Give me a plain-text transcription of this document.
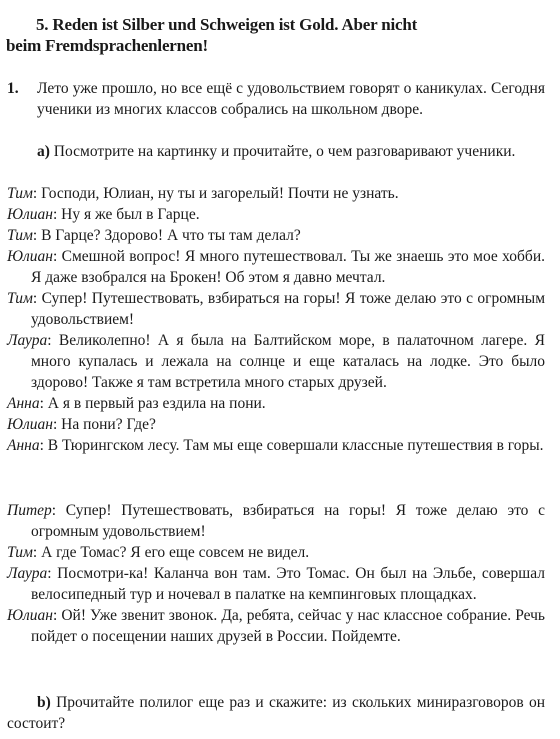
5. Reden ist Silber und Schweigen ist Gold. Aber nicht
beim Fremdsprachenlernen!
1. Лето уже прошло, но все ещё с удовольствием говорят о каникулах. Сегодня ученики из многих классов собрались на школьном дворе.
a) Посмотрите на картинку и прочитайте, о чем разговаривают ученики.

Тим: Господи, Юлиан, ну ты и загорелый! Почти не узнать.

Юлиан: Ну я же был в Гарце.

Тим: В Гарце? Здорово! А что ты там делал?

Юлиан: Смешной вопрос! Я много путешествовал. Ты же знаешь это мое хобби. Я даже взобрался на Брокен! Об этом я давно мечтал.

Тим: Супер! Путешествовать, взбираться на горы! Я тоже делаю это с огромным удовольствием!

Лаура: Великолепно! А я была на Балтийском море, в палаточном лагере. Я много купалась и лежала на солнце и еще каталась на лодке. Это было здорово! Также я там встретила много старых друзей.

Анна: А я в первый раз ездила на пони.

Юлиан: На пони? Где?

Анна: В Тюрингском лесу. Там мы еще совершали классные путешествия в горы.

Питер: Супер! Путешествовать, взбираться на горы! Я тоже делаю это с огромным удовольствием!

Тим: А где Томас? Я его еще совсем не видел.

Лаура: Посмотри-ка! Каланча вон там. Это Томас. Он был на Эльбе, совершал велосипедный тур и ночевал в палатке на кемпинговых площадках.

Юлиан: Ой! Уже звенит звонок. Да, ребята, сейчас у нас классное собрание. Речь пойдет о посещении наших друзей в России. Пойдемте.

b) Прочитайте полилог еще раз и скажите: из скольких миниразговоров он состоит?
